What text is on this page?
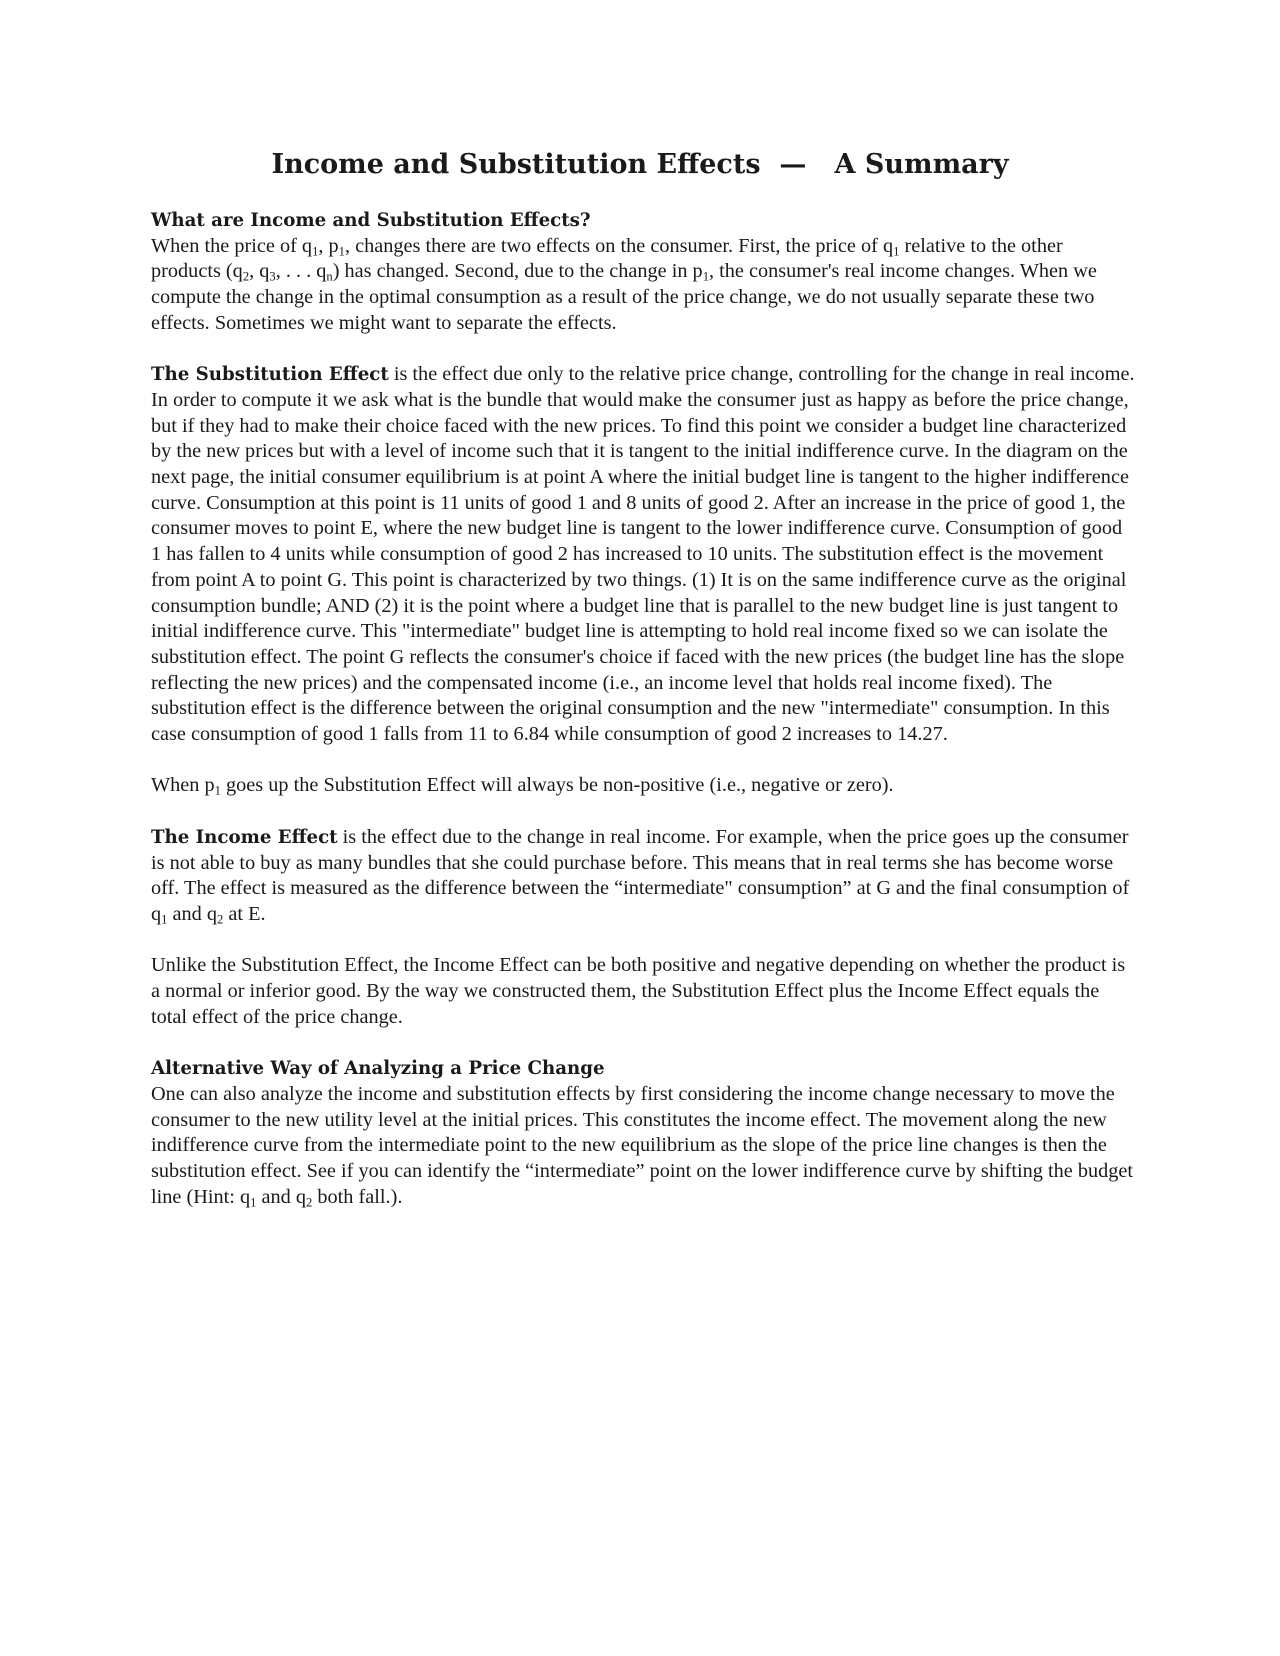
Income and Substitution Effects  —   A Summary

What are Income and Substitution Effects?
When the price of $q_1$, $p_1$, changes there are two effects on the consumer. First, the price of $q_1$ relative to the other products ($q_2$, $q_3$, . . . $q_n$) has changed. Second, due to the change in $p_1$, the consumer's real income changes. When we compute the change in the optimal consumption as a result of the price change, we do not usually separate these two effects. Sometimes we might want to separate the effects.

The Substitution Effect is the effect due only to the relative price change, controlling for the change in real income. In order to compute it we ask what is the bundle that would make the consumer just as happy as before the price change, but if they had to make their choice faced with the new prices. To find this point we consider a budget line characterized by the new prices but with a level of income such that it is tangent to the initial indifference curve. In the diagram on the next page, the initial consumer equilibrium is at point A where the initial budget line is tangent to the higher indifference curve. Consumption at this point is 11 units of good 1 and 8 units of good 2. After an increase in the price of good 1, the consumer moves to point E, where the new budget line is tangent to the lower indifference curve. Consumption of good 1 has fallen to 4 units while consumption of good 2 has increased to 10 units. The substitution effect is the movement from point A to point G. This point is characterized by two things. (1) It is on the same indifference curve as the original consumption bundle; AND (2) it is the point where a budget line that is parallel to the new budget line is just tangent to initial indifference curve. This "intermediate" budget line is attempting to hold real income fixed so we can isolate the substitution effect. The point G reflects the consumer's choice if faced with the new prices (the budget line has the slope reflecting the new prices) and the compensated income (i.e., an income level that holds real income fixed). The substitution effect is the difference between the original consumption and the new "intermediate" consumption. In this case consumption of good 1 falls from 11 to 6.84 while consumption of good 2 increases to 14.27.

When $p_1$ goes up the Substitution Effect will always be non-positive (i.e., negative or zero).

The Income Effect is the effect due to the change in real income. For example, when the price goes up the consumer is not able to buy as many bundles that she could purchase before. This means that in real terms she has become worse off. The effect is measured as the difference between the “intermediate" consumption” at G and the final consumption of $q_1$ and $q_2$ at E.

Unlike the Substitution Effect, the Income Effect can be both positive and negative depending on whether the product is a normal or inferior good. By the way we constructed them, the Substitution Effect plus the Income Effect equals the total effect of the price change.

Alternative Way of Analyzing a Price Change
One can also analyze the income and substitution effects by first considering the income change necessary to move the consumer to the new utility level at the initial prices. This constitutes the income effect. The movement along the new indifference curve from the intermediate point to the new equilibrium as the slope of the price line changes is then the substitution effect. See if you can identify the “intermediate” point on the lower indifference curve by shifting the budget line (Hint: $q_1$ and $q_2$ both fall.).
